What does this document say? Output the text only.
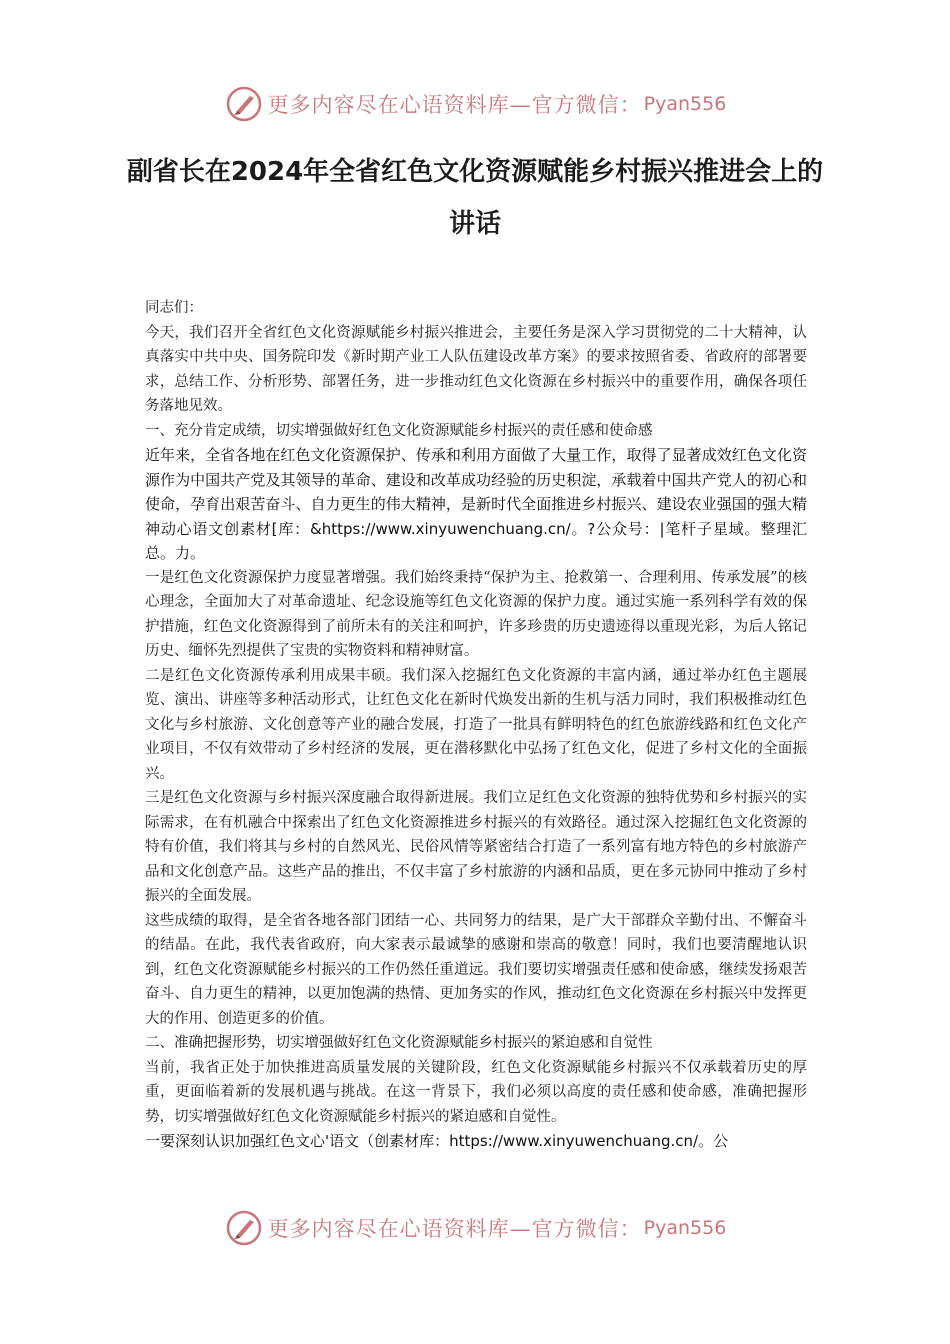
更多内容尽在心语资料库—官方微信： Pyan556
副省长在2024年全省红色文化资源赋能乡村振兴推进会上的讲话

同志们：

今天，我们召开全省红色文化资源赋能乡村振兴推进会，主要任务是深入学习贯彻党的二十大精神，认真落实中共中央、国务院印发《新时期产业工人队伍建设改革方案》的要求按照省委、省政府的部署要求，总结工作、分析形势、部署任务，进一步推动红色文化资源在乡村振兴中的重要作用，确保各项任务落地见效。

一、充分肯定成绩，切实增强做好红色文化资源赋能乡村振兴的责任感和使命感

近年来，全省各地在红色文化资源保护、传承和利用方面做了大量工作，取得了显著成效红色文化资源作为中国共产党及其领导的革命、建设和改革成功经验的历史积淀，承载着中国共产党人的初心和使命，孕育出艰苦奋斗、自力更生的伟大精神，是新时代全面推进乡村振兴、建设农业强国的强大精神动心语文创素材[库：&https://www.xinyuwenchuang.cn/。?公众号：|笔杆子星域。整理汇总。力。

一是红色文化资源保护力度显著增强。我们始终秉持“保护为主、抢救第一、合理利用、传承发展”的核心理念，全面加大了对革命遗址、纪念设施等红色文化资源的保护力度。通过实施一系列科学有效的保护措施，红色文化资源得到了前所未有的关注和呵护，许多珍贵的历史遗迹得以重现光彩，为后人铭记历史、缅怀先烈提供了宝贵的实物资料和精神财富。

二是红色文化资源传承利用成果丰硕。我们深入挖掘红色文化资源的丰富内涵，通过举办红色主题展览、演出、讲座等多种活动形式，让红色文化在新时代焕发出新的生机与活力同时，我们积极推动红色文化与乡村旅游、文化创意等产业的融合发展，打造了一批具有鲜明特色的红色旅游线路和红色文化产业项目，不仅有效带动了乡村经济的发展，更在潜移默化中弘扬了红色文化，促进了乡村文化的全面振兴。

三是红色文化资源与乡村振兴深度融合取得新进展。我们立足红色文化资源的独特优势和乡村振兴的实际需求，在有机融合中探索出了红色文化资源推进乡村振兴的有效路径。通过深入挖掘红色文化资源的特有价值，我们将其与乡村的自然风光、民俗风情等紧密结合打造了一系列富有地方特色的乡村旅游产品和文化创意产品。这些产品的推出，不仅丰富了乡村旅游的内涵和品质，更在多元协同中推动了乡村振兴的全面发展。

这些成绩的取得，是全省各地各部门团结一心、共同努力的结果，是广大干部群众辛勤付出、不懈奋斗的结晶。在此，我代表省政府，向大家表示最诚挚的感谢和崇高的敬意！同时，我们也要清醒地认识到，红色文化资源赋能乡村振兴的工作仍然任重道远。我们要切实增强责任感和使命感，继续发扬艰苦奋斗、自力更生的精神，以更加饱满的热情、更加务实的作风，推动红色文化资源在乡村振兴中发挥更大的作用、创造更多的价值。

二、准确把握形势，切实增强做好红色文化资源赋能乡村振兴的紧迫感和自觉性

当前，我省正处于加快推进高质量发展的关键阶段，红色文化资源赋能乡村振兴不仅承载着历史的厚重，更面临着新的发展机遇与挑战。在这一背景下，我们必须以高度的责任感和使命感，准确把握形势，切实增强做好红色文化资源赋能乡村振兴的紧迫感和自觉性。

一要深刻认识加强红色文心'语文（创素材库：https://www.xinyuwenchuang.cn/。公

更多内容尽在心语资料库—官方微信： Pyan556
